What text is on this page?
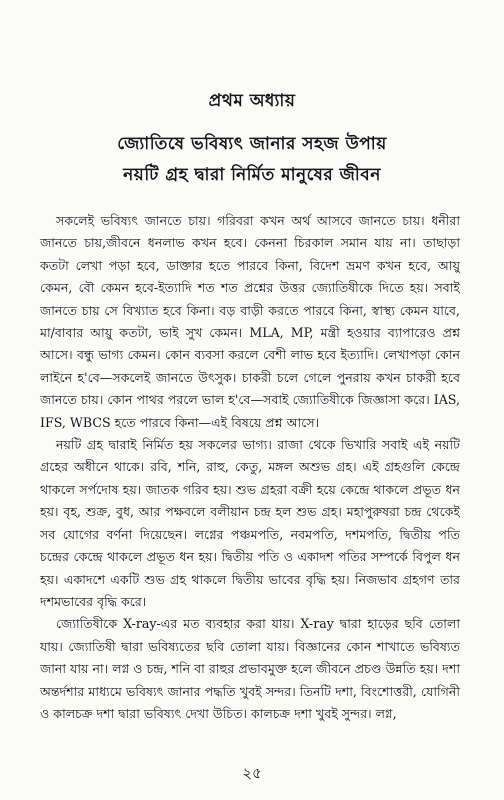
প্রথম অধ্যায়
জ্যোতিষে ভবিষ্যৎ জানার সহজ উপায়
নয়টি গ্রহ দ্বারা নির্মিত মানুষের জীবন

সকলেই ভবিষ্যৎ জানতে চায়। গরিবরা কখন অর্থ আসবে জানতে চায়। ধনীরা জানতে চায়,জীবনে ধনলাভ কখন হবে। কেননা চিরকাল সমান যায় না। তাছাড়া কতটা লেখা পড়া হবে, ডাক্তার হতে পারবে কিনা, বিদেশ ভ্রমণ কখন হবে, আয়ু কেমন, বৌ কেমন হবে-ইত্যাদি শত শত প্রশ্নের উত্তর জ্যোতিষীকে দিতে হয়। সবাই জানতে চায় সে বিখ্যাত হবে কিনা। বড় বাড়ী করতে পারবে কিনা, স্বাস্থ্য কেমন যাবে, মা/বাবার আয়ু কতটা, ভাই সুখ কেমন। MLA, MP, মন্ত্রী হওয়ার ব্যাপারেও প্রশ্ন আসে। বন্ধু ভাগ্য কেমন। কোন ব্যবসা করলে বেশী লাভ হবে ইত্যাদি। লেখাপড়া কোন লাইনে হ'বে—সকলেই জানতে উৎসুক। চাকরী চলে গেলে পুনরায় কখন চাকরী হবে জানতে চায়। কোন পাথর পরলে ভাল হ'বে—সবাই জ্যোতিষীকে জিজ্ঞাসা করে। IAS, IFS, WBCS হতে পারবে কিনা—এই বিষয়ে প্রশ্ন আসে।

নয়টি গ্রহ দ্বারাই নির্মিত হয় সকলের ভাগ্য। রাজা থেকে ভিখারি সবাই এই নয়টি গ্রহের অধীনে থাকে। রবি, শনি, রাহু, কেতু, মঙ্গল অশুভ গ্রহ। এই গ্রহগুলি কেন্দ্রে থাকলে সর্পদোষ হয়। জাতক গরিব হয়। শুভ গ্রহরা বক্রী হয়ে কেন্দ্রে থাকলে প্রভূত ধন হয়। বৃহ, শুক্র, বুধ, আর পক্ষবলে বলীয়ান চন্দ্র হল শুভ গ্রহ। মহাপুরুষরা চন্দ্র থেকেই সব যোগের বর্ণনা দিয়েছেন। লগ্নের পঞ্চমপতি, নবমপতি, দশমপতি, দ্বিতীয় পতি চন্দ্রের কেন্দ্রে থাকলে প্রভূত ধন হয়। দ্বিতীয় পতি ও একাদশ পতির সম্পর্কে বিপুল ধন হয়। একাদশে একটি শুভ গ্রহ থাকলে দ্বিতীয় ভাবের বৃদ্ধি হয়। নিজভাব গ্রহগণ তার দশমভাবের বৃদ্ধি করে।

জ্যোতিষীকে X-ray-এর মত ব্যবহার করা যায়। X-ray দ্বারা হাড়ের ছবি তোলা যায়। জ্যোতিষী দ্বারা ভবিষ্যতের ছবি তোলা যায়। বিজ্ঞানের কোন শাখাতে ভবিষ্যত জানা যায় না। লগ্ন ও চন্দ্র, শনি বা রাহুর প্রভাবমুক্ত হলে জীবনে প্রচণ্ড উন্নতি হয়। দশা অন্তর্দশার মাধ্যমে ভবিষ্যৎ জানার পদ্ধতি খুবই সন্দর। তিনটি দশা, বিংশোত্তরী, যোগিনী ও কালচক্র দশা দ্বারা ভবিষ্যৎ দেখা উচিত। কালচক্র দশা খুবই সুন্দর। লগ্ন,

২৫
